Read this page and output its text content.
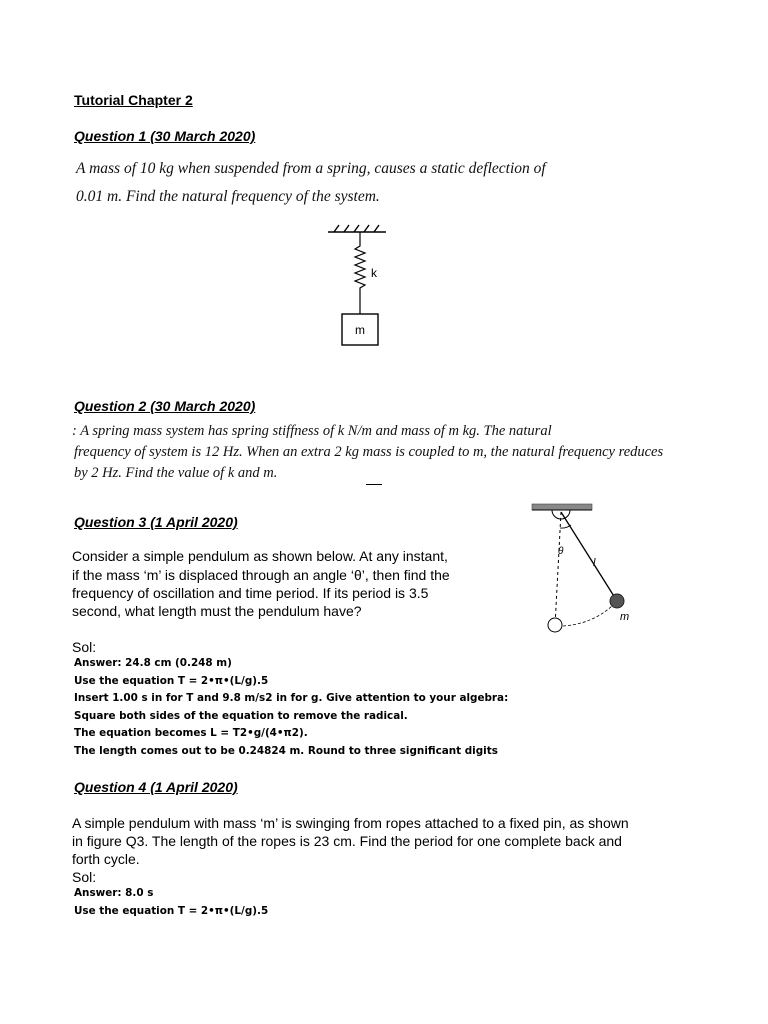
Tutorial Chapter 2
Question 1 (30 March 2020)
A mass of 10 kg when suspended from a spring, causes a static deflection of
0.01 m. Find the natural frequency of the system.
k
m
Question 2 (30 March 2020)
: A spring mass system has spring stiffness of k N/m and mass of m kg. The natural
frequency of system is 12 Hz. When an extra 2 kg mass is coupled to m, the natural frequency reduces
by 2 Hz. Find the value of k and m.
Question 3 (1 April 2020)
Consider a simple pendulum as shown below. At any instant,
if the mass ‘m’ is displaced through an angle ‘θ’, then find the
frequency of oscillation and time period. If its period is 3.5
second, what length must the pendulum have?
θ
l
m
Sol:
Answer: 24.8 cm (0.248 m)
Use the equation T = 2•π•(L/g).5
Insert 1.00 s in for T and 9.8 m/s2 in for g. Give attention to your algebra:
Square both sides of the equation to remove the radical.
The equation becomes L = T2•g/(4•π2).
The length comes out to be 0.24824 m. Round to three significant digits
Question 4 (1 April 2020)
A simple pendulum with mass ‘m’ is swinging from ropes attached to a fixed pin, as shown
in figure Q3. The length of the ropes is 23 cm. Find the period for one complete back and
forth cycle.
Sol:
Answer: 8.0 s
Use the equation T = 2•π•(L/g).5
